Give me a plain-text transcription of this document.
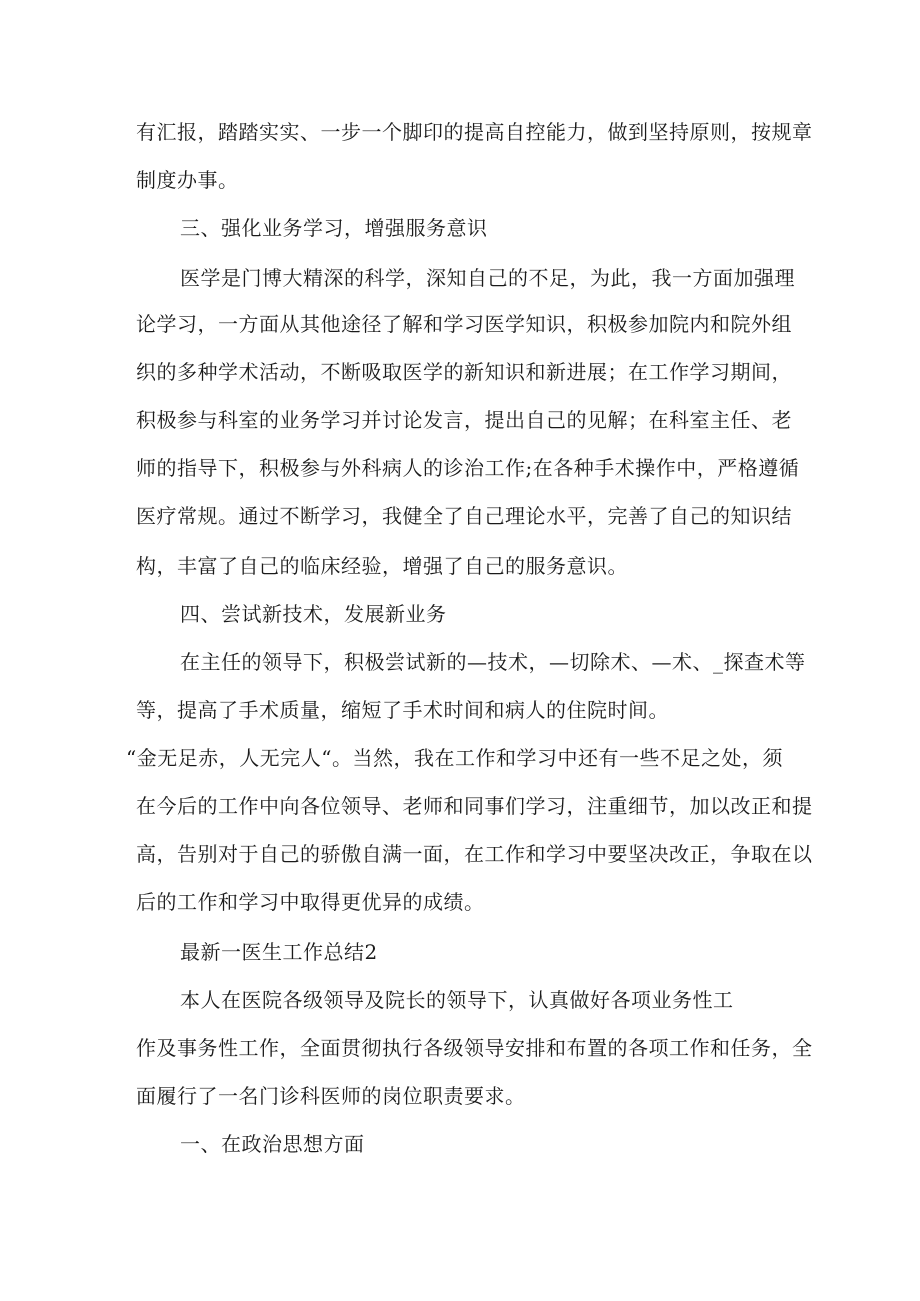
有汇报，踏踏实实、一步一个脚印的提高自控能力，做到坚持原则，按规章
制度办事。
三、强化业务学习，增强服务意识
医学是门博大精深的科学，深知自己的不足，为此，我一方面加强理
论学习，一方面从其他途径了解和学习医学知识，积极参加院内和院外组
织的多种学术活动，不断吸取医学的新知识和新进展；在工作学习期间，
积极参与科室的业务学习并讨论发言，提出自己的见解；在科室主任、老
师的指导下，积极参与外科病人的诊治工作;在各种手术操作中，严格遵循
医疗常规。通过不断学习，我健全了自己理论水平，完善了自己的知识结
构，丰富了自己的临床经验，增强了自己的服务意识。
四、尝试新技术，发展新业务
在主任的领导下，积极尝试新的—技术，—切除术、—术、_探查术等
等，提高了手术质量，缩短了手术时间和病人的住院时间。
“金无足赤，人无完人“。当然，我在工作和学习中还有一些不足之处，须
在今后的工作中向各位领导、老师和同事们学习，注重细节，加以改正和提
高，告别对于自己的骄傲自满一面，在工作和学习中要坚决改正，争取在以
后的工作和学习中取得更优异的成绩。
最新一医生工作总结2
本人在医院各级领导及院长的领导下，认真做好各项业务性工
作及事务性工作，全面贯彻执行各级领导安排和布置的各项工作和任务，全
面履行了一名门诊科医师的岗位职责要求。
一、在政治思想方面
